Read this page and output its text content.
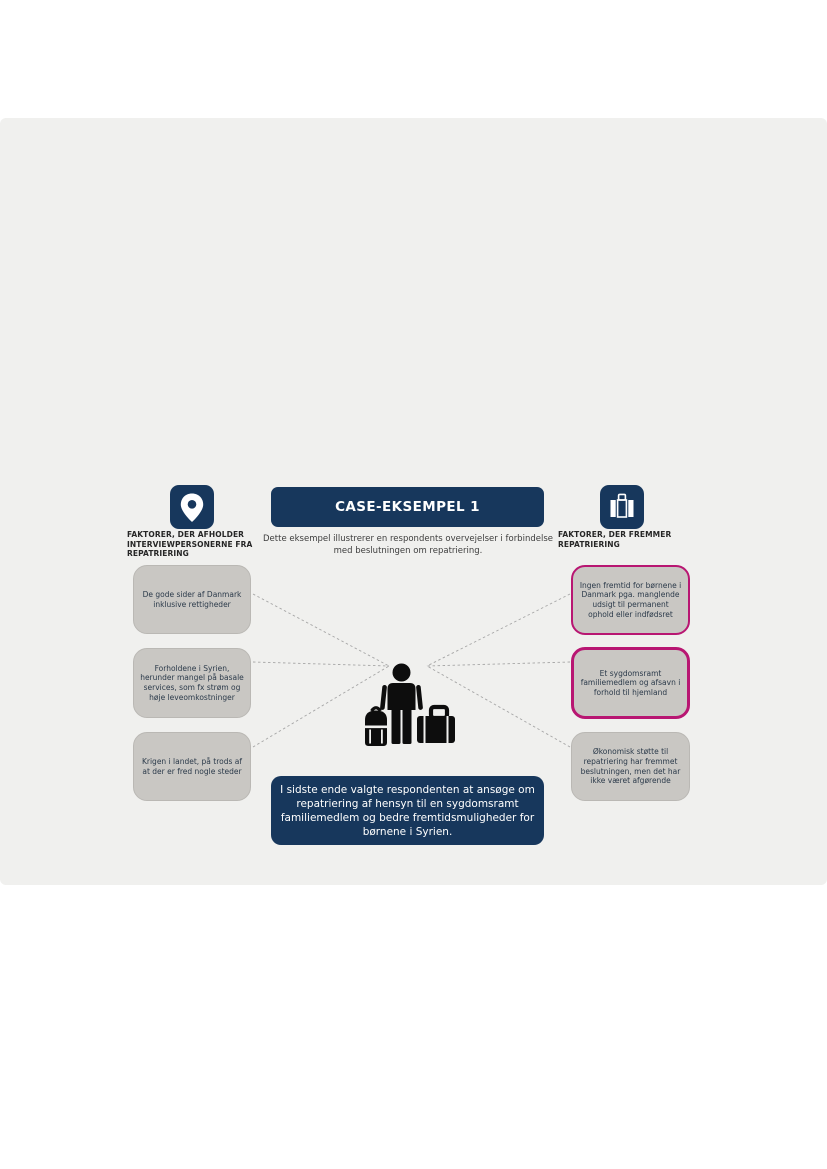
FAKTORER, DER AFHOLDER INTERVIEWPERSONERNE FRA REPATRIERING
De gode sider af Danmark inklusive rettigheder
Forholdene i Syrien, herunder mangel på basale services, som fx strøm og høje leveomkostninger
Krigen i landet, på trods af at der er fred nogle steder
CASE-EKSEMPEL 1
Dette eksempel illustrerer en respondents overvejelser i forbindelse med beslutningen om repatriering.
I sidste ende valgte respondenten at ansøge om repatriering af hensyn til en sygdomsramt familiemedlem og bedre fremtidsmuligheder for børnene i Syrien.
FAKTORER, DER FREMMER REPATRIERING
Ingen fremtid for børnene i Danmark pga. manglende udsigt til permanent ophold eller indfødsret
Et sygdomsramt familiemedlem og afsavn i forhold til hjemland
Økonomisk støtte til repatriering har fremmet beslutningen, men det har ikke været afgørende
